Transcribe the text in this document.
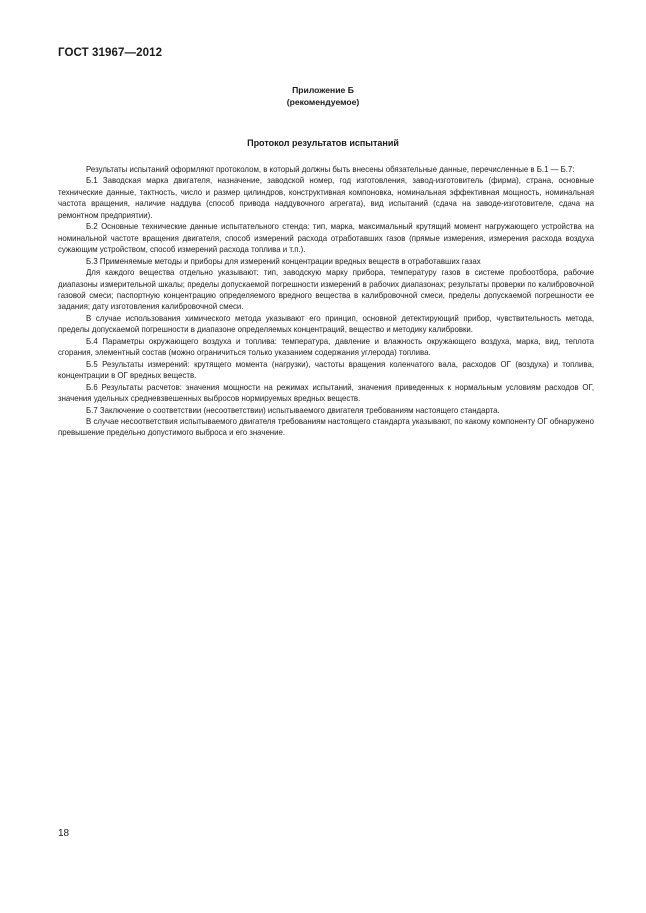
ГОСТ 31967—2012
Приложение Б
(рекомендуемое)
Протокол результатов испытаний

Результаты испытаний оформляют протоколом, в который должны быть внесены обязательные данные, перечисленные в Б.1 — Б.7:

Б.1 Заводская марка двигателя, назначение, заводской номер, год изготовления, завод-изготовитель (фирма), страна, основные технические данные, тактность, число и размер цилиндров, конструктивная компоновка, номинальная эффективная мощность, номинальная частота вращения, наличие наддува (способ привода наддувочного агрегата), вид испытаний (сдача на заводе-изготовителе, сдача на ремонтном предприятии).

Б.2 Основные технические данные испытательного стенда: тип, марка, максимальный крутящий момент нагружающего устройства на номинальной частоте вращения двигателя, способ измерений расхода отработавших газов (прямые измерения, измерения расхода воздуха сужающим устройством, способ измерений расхода топлива и т.п.).

Б.3 Применяемые методы и приборы для измерений концентрации вредных веществ в отработавших газах

Для каждого вещества отдельно указывают: тип, заводскую марку прибора, температуру газов в системе пробоотбора, рабочие диапазоны измерительной шкалы; пределы допускаемой погрешности измерений в рабочих диапазонах; результаты проверки по калибровочной газовой смеси; паспортную концентрацию определяемого вредного вещества в калибровочной смеси, пределы допускаемой погрешности ее задания; дату изготовления калибровочной смеси.

В случае использования химического метода указывают его принцип, основной детектирующий прибор, чувствительность метода, пределы допускаемой погрешности в диапазоне определяемых концентраций, вещество и методику калибровки.

Б.4 Параметры окружающего воздуха и топлива: температура, давление и влажность окружающего воздуха, марка, вид, теплота сгорания, элементный состав (можно ограничиться только указанием содержания углерода) топлива.

Б.5 Результаты измерений: крутящего момента (нагрузки), частоты вращения коленчатого вала, расходов ОГ (воздуха) и топлива, концентрации в ОГ вредных веществ.

Б.6 Результаты расчетов: значения мощности на режимах испытаний, значения приведенных к нормальным условиям расходов ОГ, значения удельных средневзвешенных выбросов нормируемых вредных веществ.

Б.7 Заключение о соответствии (несоответствии) испытываемого двигателя требованиям настоящего стандарта.

В случае несоответствия испытываемого двигателя требованиям настоящего стандарта указывают, по какому компоненту ОГ обнаружено превышение предельно допустимого выброса и его значение.

18
